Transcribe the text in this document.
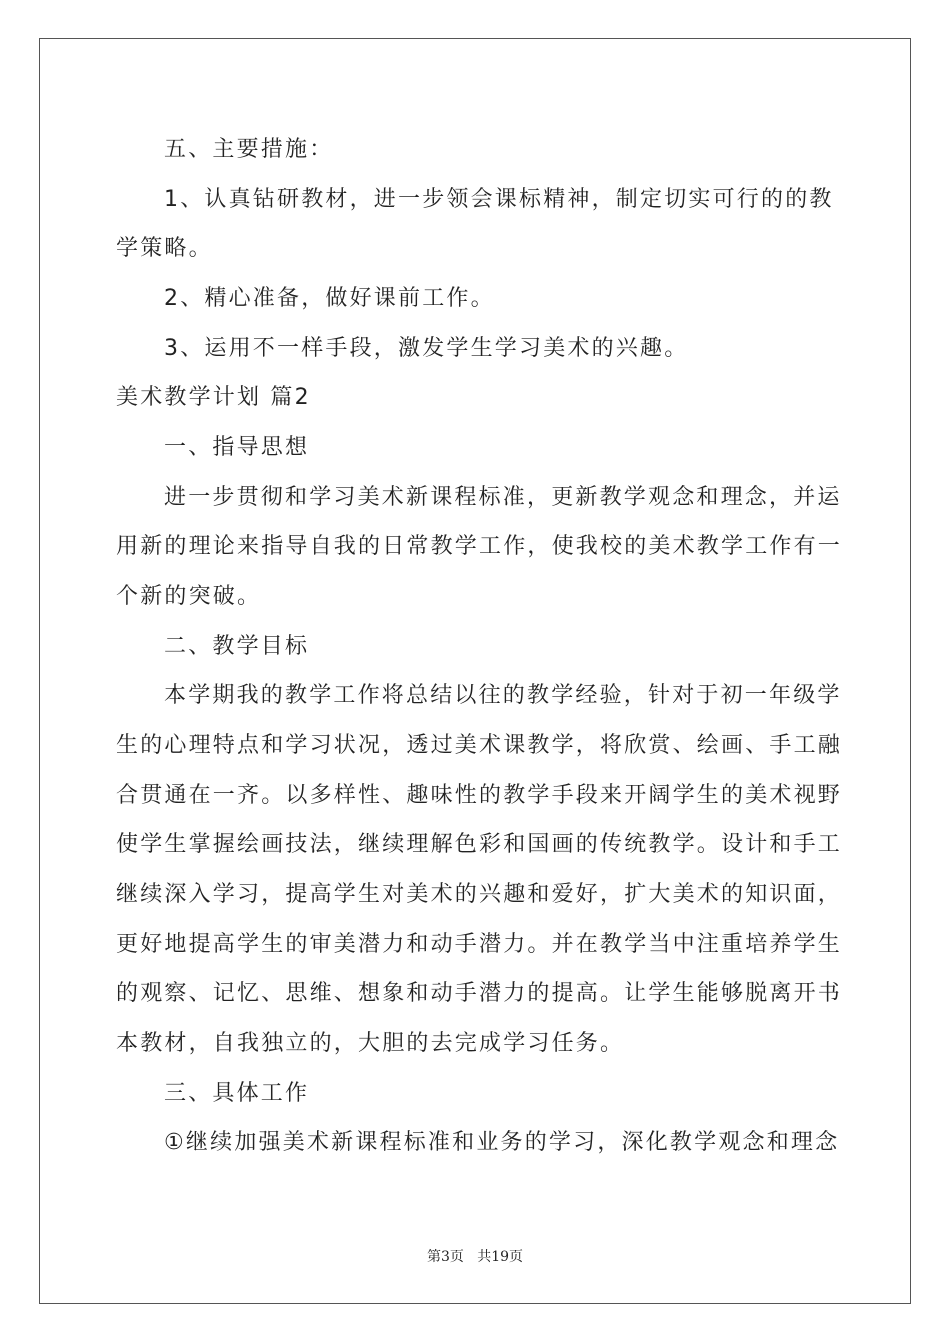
五、主要措施：
1、认真钻研教材，进一步领会课标精神，制定切实可行的的教
学策略。
2、精心准备，做好课前工作。
3、运用不一样手段，激发学生学习美术的兴趣。
美术教学计划 篇2
一、指导思想
进一步贯彻和学习美术新课程标准，更新教学观念和理念，并运
用新的理论来指导自我的日常教学工作，使我校的美术教学工作有一
个新的突破。
二、教学目标
本学期我的教学工作将总结以往的教学经验，针对于初一年级学
生的心理特点和学习状况，透过美术课教学，将欣赏、绘画、手工融
合贯通在一齐。以多样性、趣味性的教学手段来开阔学生的美术视野
使学生掌握绘画技法，继续理解色彩和国画的传统教学。设计和手工
继续深入学习，提高学生对美术的兴趣和爱好，扩大美术的知识面，
更好地提高学生的审美潜力和动手潜力。并在教学当中注重培养学生
的观察、记忆、思维、想象和动手潜力的提高。让学生能够脱离开书
本教材，自我独立的，大胆的去完成学习任务。
三、具体工作
①继续加强美术新课程标准和业务的学习，深化教学观念和理念
第3页   共19页
